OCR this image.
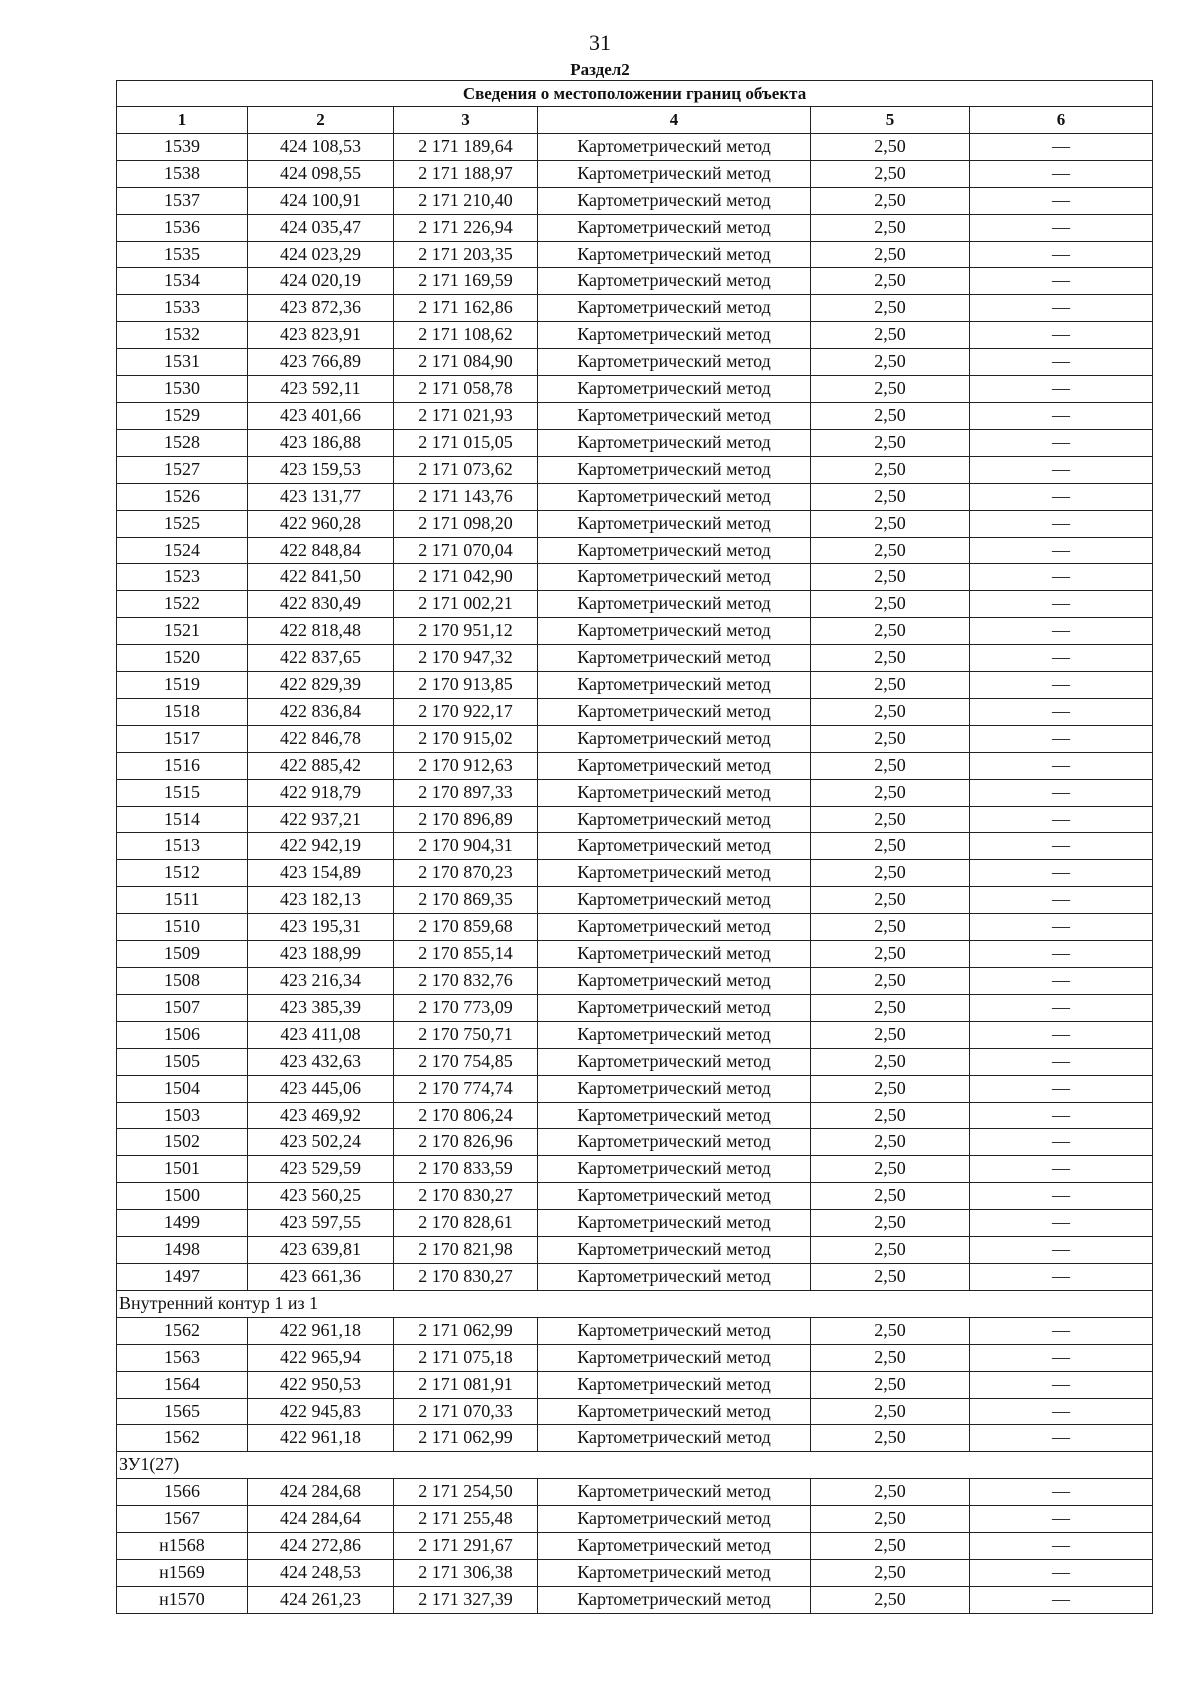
31
Раздел2
Сведения о местоположении границ объекта					
1	2	3	4	5	6
1539	424 108,53	2 171 189,64	Картометрический метод	2,50	—
1538	424 098,55	2 171 188,97	Картометрический метод	2,50	—
1537	424 100,91	2 171 210,40	Картометрический метод	2,50	—
1536	424 035,47	2 171 226,94	Картометрический метод	2,50	—
1535	424 023,29	2 171 203,35	Картометрический метод	2,50	—
1534	424 020,19	2 171 169,59	Картометрический метод	2,50	—
1533	423 872,36	2 171 162,86	Картометрический метод	2,50	—
1532	423 823,91	2 171 108,62	Картометрический метод	2,50	—
1531	423 766,89	2 171 084,90	Картометрический метод	2,50	—
1530	423 592,11	2 171 058,78	Картометрический метод	2,50	—
1529	423 401,66	2 171 021,93	Картометрический метод	2,50	—
1528	423 186,88	2 171 015,05	Картометрический метод	2,50	—
1527	423 159,53	2 171 073,62	Картометрический метод	2,50	—
1526	423 131,77	2 171 143,76	Картометрический метод	2,50	—
1525	422 960,28	2 171 098,20	Картометрический метод	2,50	—
1524	422 848,84	2 171 070,04	Картометрический метод	2,50	—
1523	422 841,50	2 171 042,90	Картометрический метод	2,50	—
1522	422 830,49	2 171 002,21	Картометрический метод	2,50	—
1521	422 818,48	2 170 951,12	Картометрический метод	2,50	—
1520	422 837,65	2 170 947,32	Картометрический метод	2,50	—
1519	422 829,39	2 170 913,85	Картометрический метод	2,50	—
1518	422 836,84	2 170 922,17	Картометрический метод	2,50	—
1517	422 846,78	2 170 915,02	Картометрический метод	2,50	—
1516	422 885,42	2 170 912,63	Картометрический метод	2,50	—
1515	422 918,79	2 170 897,33	Картометрический метод	2,50	—
1514	422 937,21	2 170 896,89	Картометрический метод	2,50	—
1513	422 942,19	2 170 904,31	Картометрический метод	2,50	—
1512	423 154,89	2 170 870,23	Картометрический метод	2,50	—
1511	423 182,13	2 170 869,35	Картометрический метод	2,50	—
1510	423 195,31	2 170 859,68	Картометрический метод	2,50	—
1509	423 188,99	2 170 855,14	Картометрический метод	2,50	—
1508	423 216,34	2 170 832,76	Картометрический метод	2,50	—
1507	423 385,39	2 170 773,09	Картометрический метод	2,50	—
1506	423 411,08	2 170 750,71	Картометрический метод	2,50	—
1505	423 432,63	2 170 754,85	Картометрический метод	2,50	—
1504	423 445,06	2 170 774,74	Картометрический метод	2,50	—
1503	423 469,92	2 170 806,24	Картометрический метод	2,50	—
1502	423 502,24	2 170 826,96	Картометрический метод	2,50	—
1501	423 529,59	2 170 833,59	Картометрический метод	2,50	—
1500	423 560,25	2 170 830,27	Картометрический метод	2,50	—
1499	423 597,55	2 170 828,61	Картометрический метод	2,50	—
1498	423 639,81	2 170 821,98	Картометрический метод	2,50	—
1497	423 661,36	2 170 830,27	Картометрический метод	2,50	—
Внутренний контур 1 из 1					
1562	422 961,18	2 171 062,99	Картометрический метод	2,50	—
1563	422 965,94	2 171 075,18	Картометрический метод	2,50	—
1564	422 950,53	2 171 081,91	Картометрический метод	2,50	—
1565	422 945,83	2 171 070,33	Картометрический метод	2,50	—
1562	422 961,18	2 171 062,99	Картометрический метод	2,50	—
ЗУ1(27)					
1566	424 284,68	2 171 254,50	Картометрический метод	2,50	—
1567	424 284,64	2 171 255,48	Картометрический метод	2,50	—
н1568	424 272,86	2 171 291,67	Картометрический метод	2,50	—
н1569	424 248,53	2 171 306,38	Картометрический метод	2,50	—
н1570	424 261,23	2 171 327,39	Картометрический метод	2,50	—
